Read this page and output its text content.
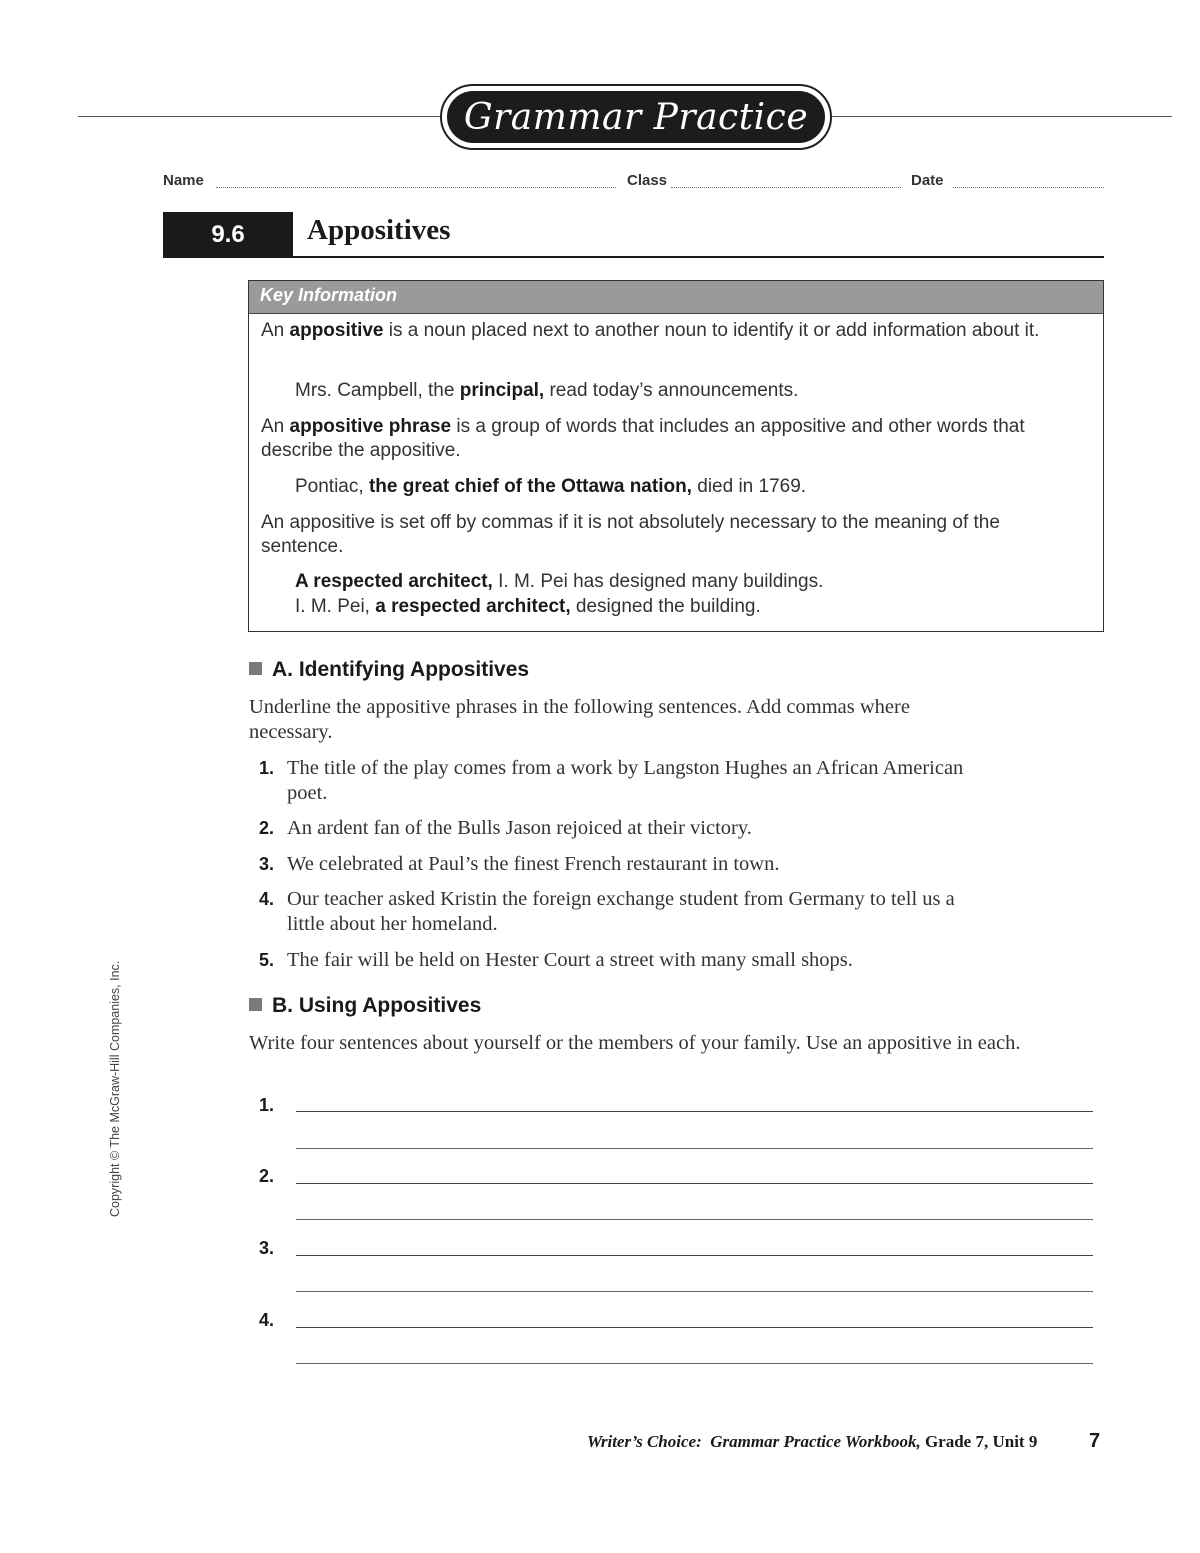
Grammar Practice
Name	Class	Date
9.6	Appositives
Key Information

An appositive is a noun placed next to another noun to identify it or add information about it.

Mrs. Campbell, the principal, read today’s announcements.

An appositive phrase is a group of words that includes an appositive and other words that describe the appositive.

Pontiac, the great chief of the Ottawa nation, died in 1769.

An appositive is set off by commas if it is not absolutely necessary to the meaning of the sentence.

A respected architect, I. M. Pei has designed many buildings.

I. M. Pei, a respected architect, designed the building.

A. Identifying Appositives

Underline the appositive phrases in the following sentences. Add commas where necessary.

1. The title of the play comes from a work by Langston Hughes an African American poet.

2. An ardent fan of the Bulls Jason rejoiced at their victory.

3. We celebrated at Paul’s the finest French restaurant in town.

4. Our teacher asked Kristin the foreign exchange student from Germany to tell us a little about her homeland.

5. The fair will be held on Hester Court a street with many small shops.

B. Using Appositives

Write four sentences about yourself or the members of your family. Use an appositive in each.

1.
2.
3.
4.
Copyright © The McGraw-Hill Companies, Inc.
Writer’s Choice: Grammar Practice Workbook, Grade 7, Unit 9	7
